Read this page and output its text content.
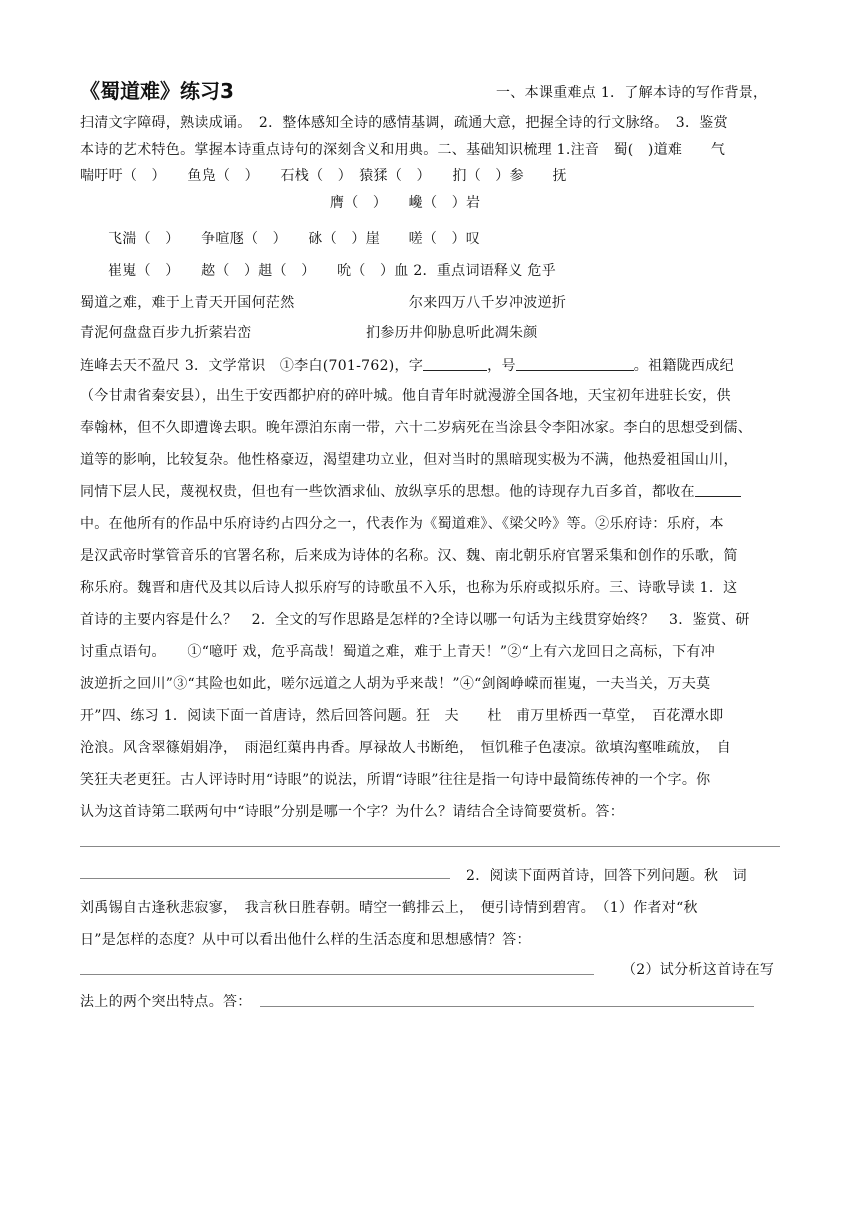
《蜀道难》练习3	一、本课重难点 1．了解本诗的写作背景，
扫清文字障碍，熟读成诵。　2．整体感知全诗的感情基调，疏通大意，把握全诗的行文脉络。　3．鉴赏
本诗的艺术特色。掌握本诗重点诗句的深刻含义和用典。二、基础知识梳理 1.注音　蜀(　)道难　　气
喘吁吁（　）　　鱼凫（　）　　石栈（　）　猿猱（　）　　扪（　）参　　抚
膺（　）　　巉（　）岩
飞湍（　）　　争喧豗（　）　　砯（　）崖　　嗟（　）叹
崔嵬（　）　　趑（　）趄（　）　　吮（　）血 2．重点词语释义 危乎
蜀道之难，难于上青天开国何茫然　　　　　　　　尔来四万八千岁冲波逆折
青泥何盘盘百步九折萦岩峦　　　　　　　　扪参历井仰胁息听此凋朱颜
连峰去天不盈尺 3．文学常识　①李白(701-762)，字	，号	。祖籍陇西成纪
（今甘肃省秦安县），出生于安西都护府的碎叶城。他自青年时就漫游全国各地，天宝初年进驻长安，供
奉翰林，但不久即遭谗去职。晚年漂泊东南一带，六十二岁病死在当涂县令李阳冰家。李白的思想受到儒、
道等的影响，比较复杂。他性格豪迈，渴望建功立业，但对当时的黑暗现实极为不满，他热爱祖国山川，
同情下层人民，蔑视权贵，但也有一些饮酒求仙、放纵享乐的思想。他的诗现存九百多首，都收在
中。在他所有的作品中乐府诗约占四分之一，代表作为《蜀道难》、《梁父吟》等。②乐府诗：乐府，本
是汉武帝时掌管音乐的官署名称，后来成为诗体的名称。汉、魏、南北朝乐府官署采集和创作的乐歌，简
称乐府。魏晋和唐代及其以后诗人拟乐府写的诗歌虽不入乐，也称为乐府或拟乐府。三、诗歌导读 1．这
首诗的主要内容是什么？　2．全文的写作思路是怎样的?全诗以哪一句话为主线贯穿始终？　3．鉴赏、研
讨重点语句。　　①“噫吁 戏，危乎高哉！蜀道之难，难于上青天！”②“上有六龙回日之高标，下有冲
波逆折之回川”③“其险也如此，嗟尔远道之人胡为乎来哉！”④“剑阁峥嵘而崔嵬，一夫当关，万夫莫
开”四、练习 1．阅读下面一首唐诗，然后回答问题。狂　夫　　杜　甫万里桥西一草堂，　百花潭水即
沧浪。风含翠篠娟娟净，　雨浥红蕖冉冉香。厚禄故人书断绝，　恒饥稚子色凄凉。欲填沟壑唯疏放，　自
笑狂夫老更狂。古人评诗时用“诗眼”的说法，所谓“诗眼”往往是指一句诗中最简练传神的一个字。你
认为这首诗第二联两句中“诗眼”分别是哪一个字？为什么？请结合全诗简要赏析。答：
2．阅读下面两首诗，回答下列问题。秋　词
刘禹锡自古逢秋悲寂寥，　我言秋日胜春朝。晴空一鹤排云上，　便引诗情到碧宵。　（1）作者对“秋
日”是怎样的态度？从中可以看出他什么样的生活态度和思想感情？答：
（2）试分析这首诗在写
法上的两个突出特点。答：
